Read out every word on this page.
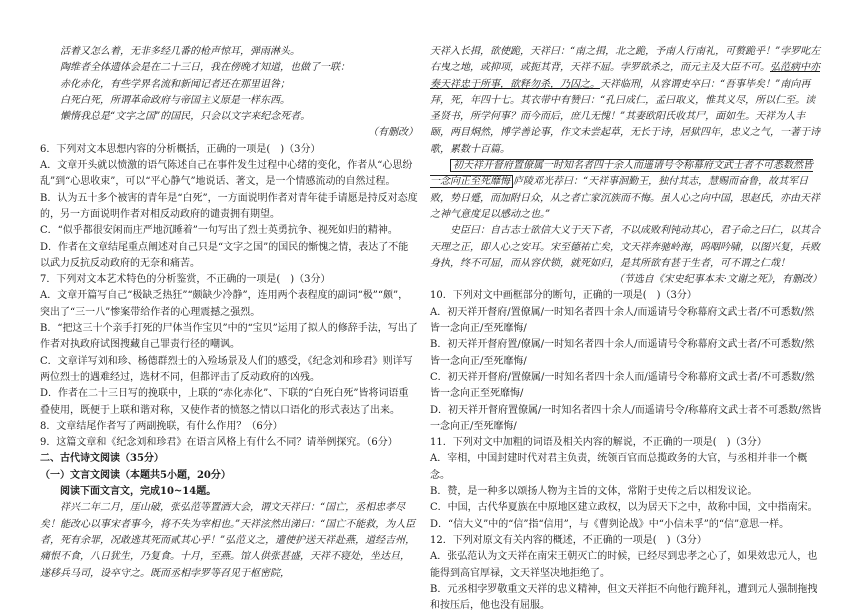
活着又怎么着，无非多经几番的枪声惊耳，弹雨淋头。

陶维者全体遗体会是在二十三日，我在傍晚才知道，也做了一联：

赤化赤化，有些学界名流和新闻记者还在那里诅咎；

白死白死，所谓革命政府与帝国主义原是一样东西。

懒惰我总是“文字之国”的国民，只会以文字来纪念死者。

（有删改）

6．下列对文本思想内容的分析概括，正确的一项是(　)（3分）

A．文章开头就以愤激的语气陈述自己在事件发生过程中心绪的变化，作者从“心思纷乱”到“心思收束”，可以“平心静气”地说话、著文，是一个情感流动的自然过程。

B．认为五十多个被害的青年是“白死”，一方面说明作者对青年徒手请愿是持反对态度的，另一方面说明作者对相反动政府的谴责拥有期望。

C．“似乎都很安闲而庄严地沉睡着”一句写出了烈士英勇抗争、视死如归的精神。

D．作者在文章结尾重点阐述对自己只是“文字之国”的国民的惭愧之情，表达了不能以武力反抗反动政府的无奈和痛苦。

7．下列对文本艺术特色的分析鉴赏，不正确的一项是(　)（3分）

A．文章开篇写自己“极缺乏热狂”“颇缺少冷静”，连用两个表程度的副词“极”“颇”，突出了“三一八”惨案带给作者的心理震撼之强烈。

B．“把这三十个亲手打死的尸体当作宝贝”中的“宝贝”运用了拟人的修辞手法，写出了作者对执政府试图搜藏自己罪责行径的嘲讽。

C．文章详写刘和珍、杨德群烈士的入殓场景及人们的感受，《纪念刘和珍君》则详写两位烈士的遇难经过，选材不同，但都评击了反动政府的凶残。

D．作者在二十三日写的挽联中，上联的“赤化赤化”、下联的“白死白死”皆将词语重叠使用，既便于上联和谐对称，又使作者的愤怒之情以口语化的形式表达了出来。

8．文章结尾作者写了两副挽联，有什么作用？（6分）

9．这篇文章和《纪念刘和珍君》在语言风格上有什么不同？请举例探究。（6分）

二、古代诗文阅读（35分）

（一）文言文阅读（本题共5小题，20分）

阅读下面文言文，完成10~14题。

祥兴二年二月，厓山破，张弘范等置酒大会，谓文天祥曰：“国亡，丞相忠孝尽矣！能改心以事宋者事今，将不失为宰相也。”天祥泫然出涕曰：“国亡不能救，为人臣者，死有余罪，况敢逃其死而贰其心乎！”弘范义之，遣使护送天祥赴燕，道经吉州，痛恨不食，八日犹生，乃复食。十月，至燕。馆人供张甚盛，天祥不寝处，坐达旦，遂移兵马司，设卒守之。既而丞相孛罗等召见于枢密院，

天祥入长揖，欲使跪，天祥曰：“南之揖，北之跪，予南人行南礼，可赘跪乎！”孛罗叱左右曳之地，或抑项，或扼其背，天祥不屈。孛罗欲杀之，而元主及大臣不可。弘范病中亦奏天祥忠于所事，欲释勿杀，乃囚之。天祥临刑，从容谓吏卒曰：“吾事毕矣！”南向再拜，死，年四十七。其衣带中有赞曰：“孔曰成仁，孟曰取义，惟其义尽，所以仁至。读圣贤书，所学何事？而今而后，庶几无愧！”其妻欧阳氏收其尸，面如生。天祥为人丰颐，两目烔然，博学善论事，作文未尝起草，无长于诗，居狱四年，忠义之气，一著于诗歌，累数十百篇。

初天祥开督府置僚属一时知名者四十余人而遥请号令称幕府文武士者不可悉数然皆一念向正至死靡悔 庐陵邓光荐曰：“天祥事洄勤王，独付其志，慧赐而奋鲁，故其军日败，势日蹙，而加附日众，从之者亡家沉族而不悔。虽人心之向中国，思赵氏，亦由天祥之神气意度足以感动之也。”

史臣曰：自古志士欲信大义于天下者，不以成败利钝动其心，君子命之曰仁，以其合天理之正，即人心之安耳。宋至德祐亡矣，文天祥奔驰岭海，呜咽吟啸，以图兴复，兵败身执，终不可屈，而从容伏锁，就死如归，是其所欲有甚于生者，可不谓之仁哉！

（节选自《宋史纪事本末·文谢之死》，有删改）

10．下列对文中画框部分的断句，正确的一项是(　)（3分）

A．初天祥开督府/置僚属/一时知名者四十余人/而遥请号令称幕府文武士者/不可悉数/然皆一念向正/至死靡悔/

B．初天祥开督府置/僚属/一时知名者四十余人/而遥请号令称幕府文武士者/不可悉数/然皆一念向正/至死靡悔/

C．初天祥开督府/置僚属/一时知名者四十余人而/遥请号令称幕府文武士者/不可悉数/然皆一念向正至死靡悔/

D．初天祥开督府置僚属/一时知名者四十余人/而遥请号令/称幕府文武士者不可悉数/然皆一念向正/至死靡悔/

11．下列对文中加粗的词语及相关内容的解说，不正确的一项是(　)（3分）

A．宰相，中国封建时代对君主负责，统领百官而总揽政务的大官，与丞相并非一个概念。

B．赞，是一种多以颂扬人物为主旨的文体，常附于史传之后以相发议论。

C．中国，古代华夏族在中原地区建立政权，以为居天下之中，故称中国，文中指南宋。

D．“信大义”中的“信”指“信用”，与《曹刿论战》中“小信未孚”的“信”意思一样。

12．下列对原文有关内容的概述，不正确的一项是(　)（3分）

A．张弘范认为文天祥在南宋王朝灭亡的时候，已经尽到忠孝之心了，如果效忠元人，也能得到高官厚禄，文天祥坚决地拒绝了。

B．元丞相孛罗敬重文天祥的忠义精神，但文天祥拒不向他行跪拜礼，遭到元人强制拖拽和按压后，他也没有屈服。
